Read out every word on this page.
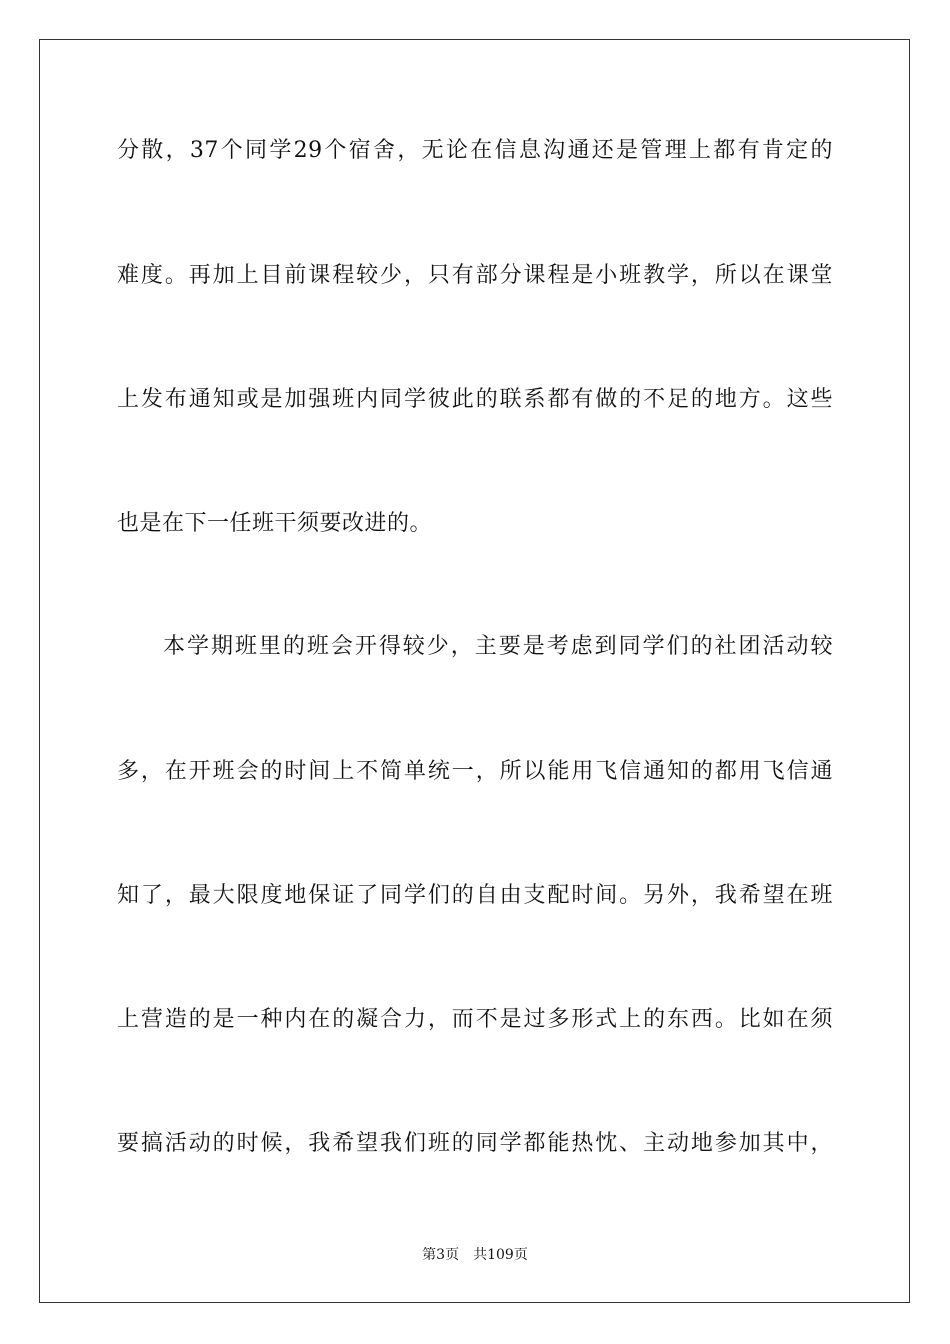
分散，37个同学29个宿舍，无论在信息沟通还是管理上都有肯定的
难度。再加上目前课程较少，只有部分课程是小班教学，所以在课堂
上发布通知或是加强班内同学彼此的联系都有做的不足的地方。这些
也是在下一任班干须要改进的。
本学期班里的班会开得较少，主要是考虑到同学们的社团活动较
多，在开班会的时间上不简单统一，所以能用飞信通知的都用飞信通
知了，最大限度地保证了同学们的自由支配时间。另外，我希望在班
上营造的是一种内在的凝合力，而不是过多形式上的东西。比如在须
要搞活动的时候，我希望我们班的同学都能热忱、主动地参加其中，
第3页 共109页
